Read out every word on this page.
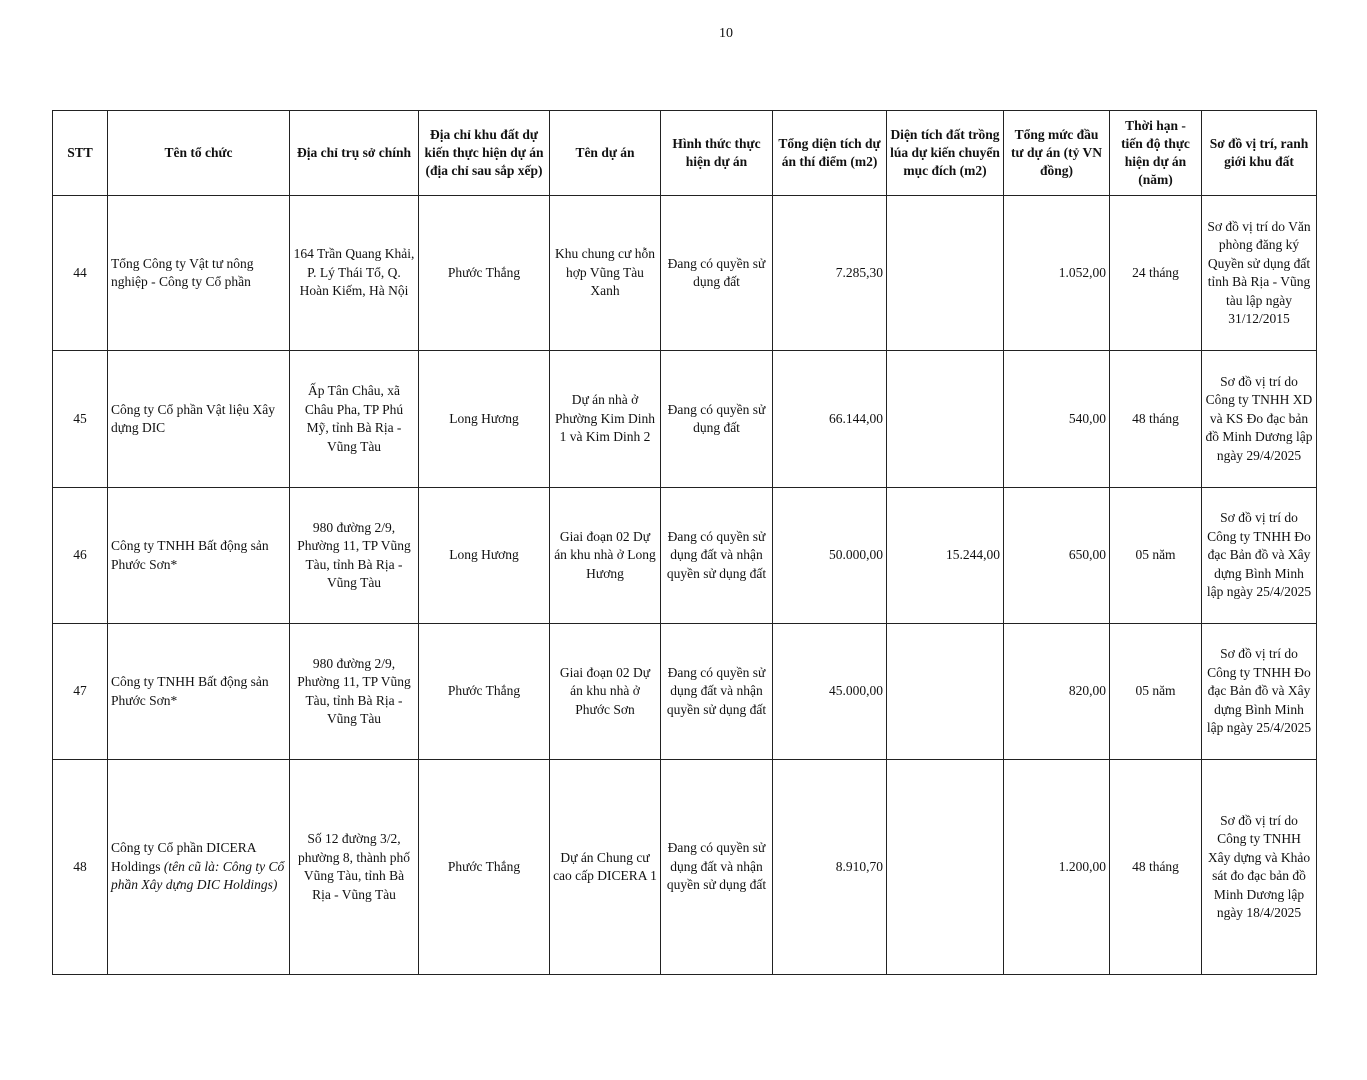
10
STT	Tên tổ chức	Địa chỉ trụ sở chính	Địa chỉ khu đất dự kiến thực hiện dự án (địa chỉ sau sắp xếp)	Tên dự án	Hình thức thực hiện dự án	Tổng diện tích dự án thí điểm (m2)	Diện tích đất trồng lúa dự kiến chuyển mục đích (m2)	Tổng mức đầu tư dự án (tỷ VN đồng)	Thời hạn - tiến độ thực hiện dự án (năm)	Sơ đồ vị trí, ranh giới khu đất
44	Tổng Công ty Vật tư nông nghiệp - Công ty Cổ phần	164 Trần Quang Khải, P. Lý Thái Tổ, Q. Hoàn Kiếm, Hà Nội	Phước Thắng	Khu chung cư hỗn hợp Vũng Tàu Xanh	Đang có quyền sử dụng đất	7.285,30		1.052,00	24 tháng	Sơ đồ vị trí do Văn phòng đăng ký Quyền sử dụng đất tỉnh Bà Rịa - Vũng tàu lập ngày 31/12/2015
45	Công ty Cổ phần Vật liệu Xây dựng DIC	Ấp Tân Châu, xã Châu Pha, TP Phú Mỹ, tỉnh Bà Rịa - Vũng Tàu	Long Hương	Dự án nhà ở Phường Kim Dinh 1 và Kim Dinh 2	Đang có quyền sử dụng đất	66.144,00		540,00	48 tháng	Sơ đồ vị trí do Công ty TNHH XD và KS Đo đạc bản đồ Minh Dương lập ngày 29/4/2025
46	Công ty TNHH Bất động sản Phước Sơn*	980 đường 2/9, Phường 11, TP Vũng Tàu, tỉnh Bà Rịa - Vũng Tàu	Long Hương	Giai đoạn 02 Dự án khu nhà ở Long Hương	Đang có quyền sử dụng đất và nhận quyền sử dụng đất	50.000,00	15.244,00	650,00	05 năm	Sơ đồ vị trí do Công ty TNHH Đo đạc Bản đồ và Xây dựng Bình Minh lập ngày 25/4/2025
47	Công ty TNHH Bất động sản Phước Sơn*	980 đường 2/9, Phường 11, TP Vũng Tàu, tỉnh Bà Rịa - Vũng Tàu	Phước Thắng	Giai đoạn 02 Dự án khu nhà ở Phước Sơn	Đang có quyền sử dụng đất và nhận quyền sử dụng đất	45.000,00		820,00	05 năm	Sơ đồ vị trí do Công ty TNHH Đo đạc Bản đồ và Xây dựng Bình Minh lập ngày 25/4/2025
48	Công ty Cổ phần DICERA Holdings (tên cũ là: Công ty Cổ phần Xây dựng DIC Holdings)	Số 12 đường 3/2, phường 8, thành phố Vũng Tàu, tỉnh Bà Rịa - Vũng Tàu	Phước Thắng	Dự án Chung cư cao cấp DICERA 1	Đang có quyền sử dụng đất và nhận quyền sử dụng đất	8.910,70		1.200,00	48 tháng	Sơ đồ vị trí do Công ty TNHH Xây dựng và Khảo sát đo đạc bản đồ Minh Dương lập ngày 18/4/2025
